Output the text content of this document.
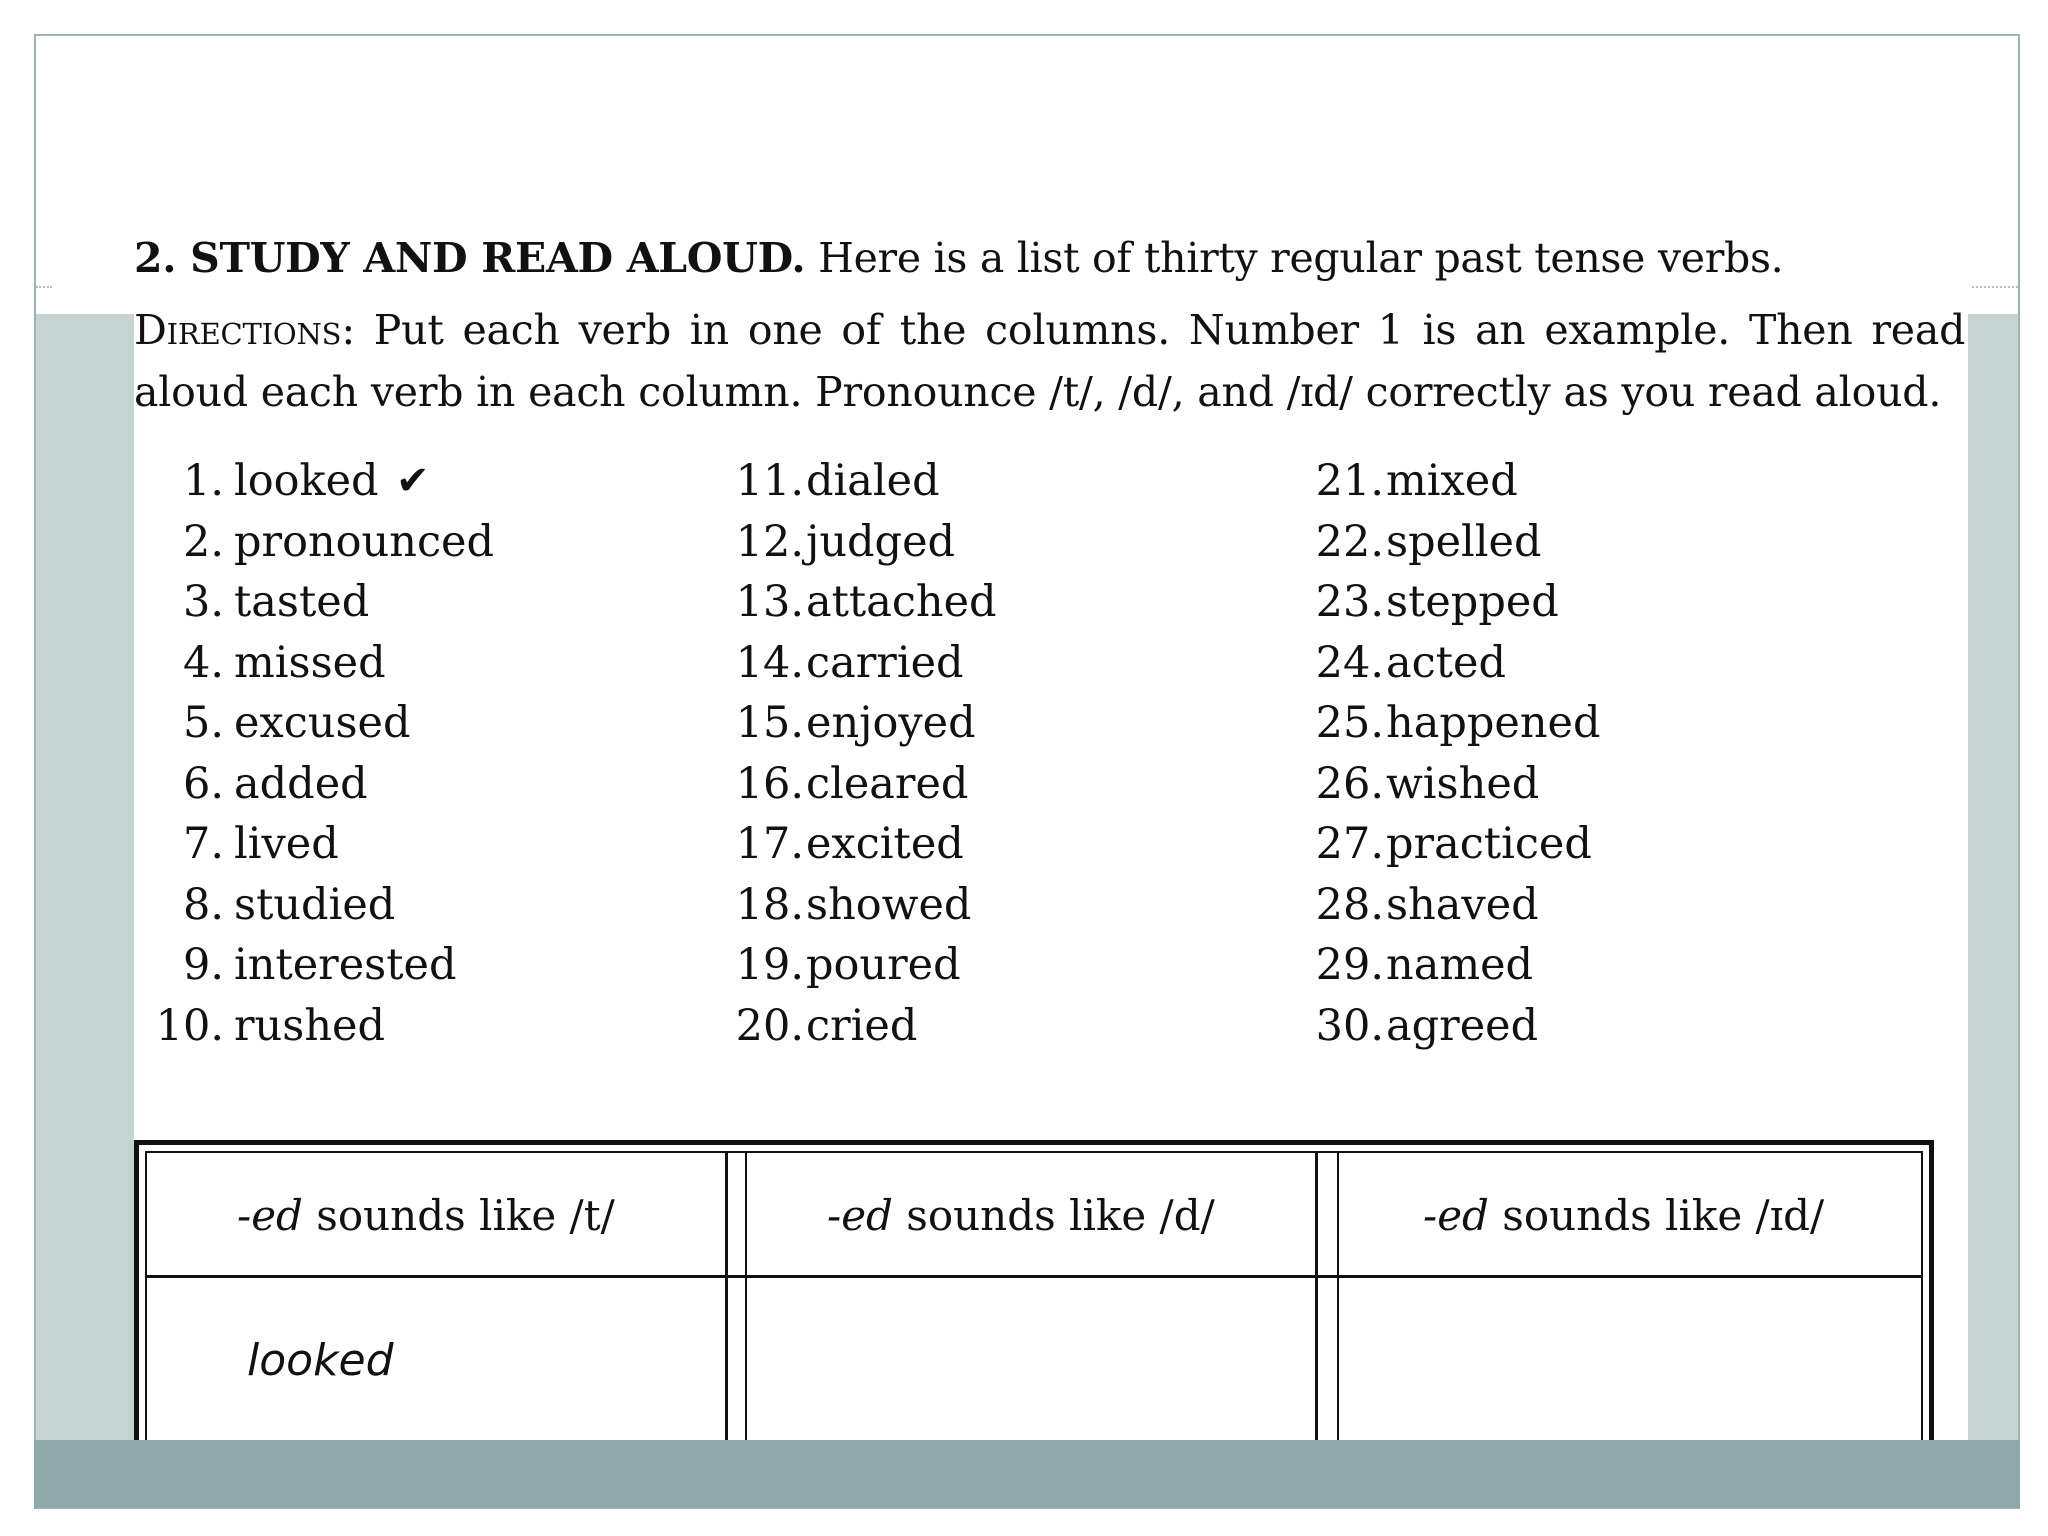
2. STUDY AND READ ALOUD. Here is a list of thirty regular past tense verbs.
Directions: Put each verb in one of the columns. Number 1 is an example. Then read
aloud each verb in each column. Pronounce /t/, /d/, and /ɪd/ correctly as you read aloud.
1. looked ✔
2. pronounced
3. tasted
4. missed
5. excused
6. added
7. lived
8. studied
9. interested
10. rushed
11. dialed
12. judged
13. attached
14. carried
15. enjoyed
16. cleared
17. excited
18. showed
19. poured
20. cried
21. mixed
22. spelled
23. stepped
24. acted
25. happened
26. wished
27. practiced
28. shaved
29. named
30. agreed
-ed sounds like /t/	-ed sounds like /d/	-ed sounds like /ɪd/
looked
